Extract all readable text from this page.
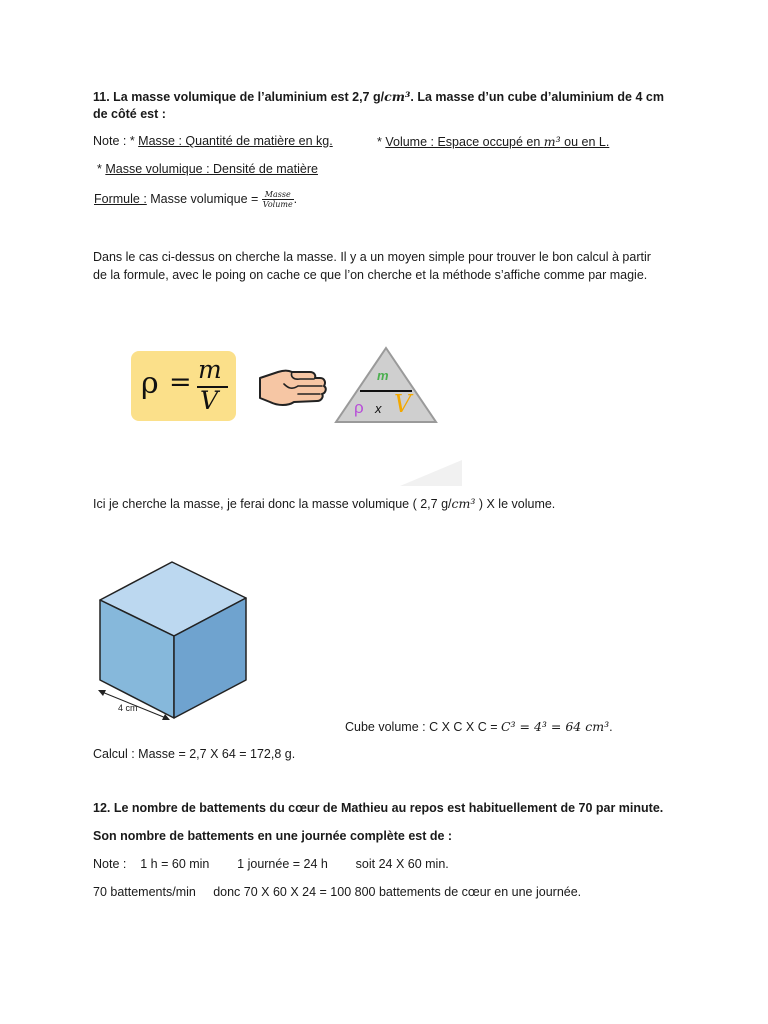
11. La masse volumique de l’aluminium est 2,7 g/cm³. La masse d’un cube d’aluminium de 4 cm
de côté est :
Note : * Masse : Quantité de matière en kg.	* Volume : Espace occupé en m³ ou en L.
* Masse volumique : Densité de matière
Formule : Masse volumique = $\frac{\text{Masse}}{\text{Volume}}$ .
Dans le cas ci-dessus on cherche la masse. Il y a un moyen simple pour trouver le bon calcul à partir
de la formule, avec le poing on cache ce que l’on cherche et la méthode s’affiche comme par magie.
ρ = m
V
m
ρ x V
Ici je cherche la masse, je ferai donc la masse volumique ( 2,7 g/cm³ ) X le volume.
4 cm
Cube volume : C X C X C = C³ = 4³ = 64 cm³.
Calcul : Masse = 2,7 X 64 = 172,8 g.
12. Le nombre de battements du cœur de Mathieu au repos est habituellement de 70 par minute.
Son nombre de battements en une journée complète est de :
Note :    1 h = 60 min        1 journée = 24 h        soit 24 X 60 min.
70 battements/min     donc 70 X 60 X 24 = 100 800 battements de cœur en une journée.
